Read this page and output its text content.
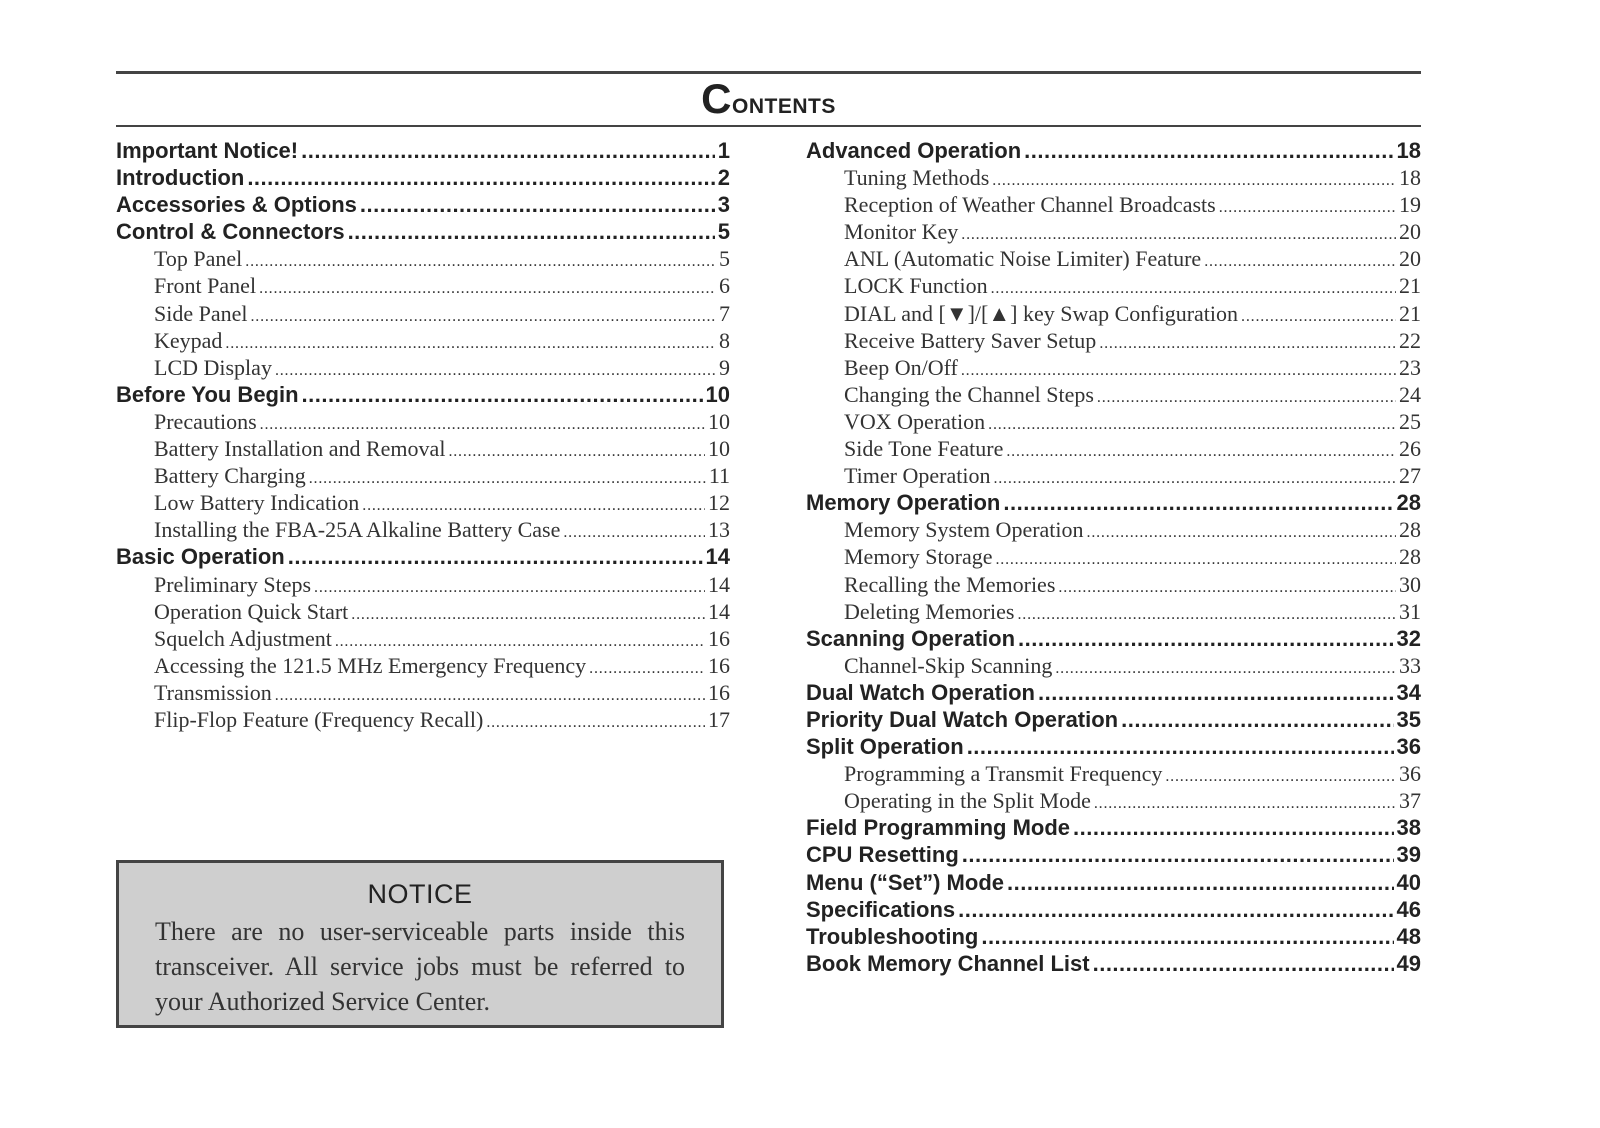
Contents
Important Notice! .....	1
Introduction .....	2
Accessories & Options .....	3
Control & Connectors .....	5
Top Panel .....	5
Front Panel .....	6
Side Panel .....	7
Keypad .....	8
LCD Display .....	9
Before You Begin .....	10
Precautions .....	10
Battery Installation and Removal .....	10
Battery Charging .....	11
Low Battery Indication .....	12
Installing the FBA-25A Alkaline Battery Case .....	13
Basic Operation .....	14
Preliminary Steps .....	14
Operation Quick Start .....	14
Squelch Adjustment .....	16
Accessing the 121.5 MHz Emergency Frequency .....	16
Transmission .....	16
Flip-Flop Feature (Frequency Recall) .....	17
Advanced Operation .....	18
Tuning Methods .....	18
Reception of Weather Channel Broadcasts .....	19
Monitor Key .....	20
ANL (Automatic Noise Limiter) Feature .....	20
LOCK Function .....	21
DIAL and [▼]/[▲] key Swap Configuration .....	21
Receive Battery Saver Setup .....	22
Beep On/Off .....	23
Changing the Channel Steps .....	24
VOX Operation .....	25
Side Tone Feature .....	26
Timer Operation .....	27
Memory Operation .....	28
Memory System Operation .....	28
Memory Storage .....	28
Recalling the Memories .....	30
Deleting Memories .....	31
Scanning Operation .....	32
Channel-Skip Scanning .....	33
Dual Watch Operation .....	34
Priority Dual Watch Operation .....	35
Split Operation .....	36
Programming a Transmit Frequency .....	36
Operating in the Split Mode .....	37
Field Programming Mode .....	38
CPU Resetting .....	39
Menu (“Set”) Mode .....	40
Specifications .....	46
Troubleshooting .....	48
Book Memory Channel List .....	49
NOTICE
There are no user-serviceable parts inside this transceiver. All service jobs must be referred to your Authorized Service Center.
